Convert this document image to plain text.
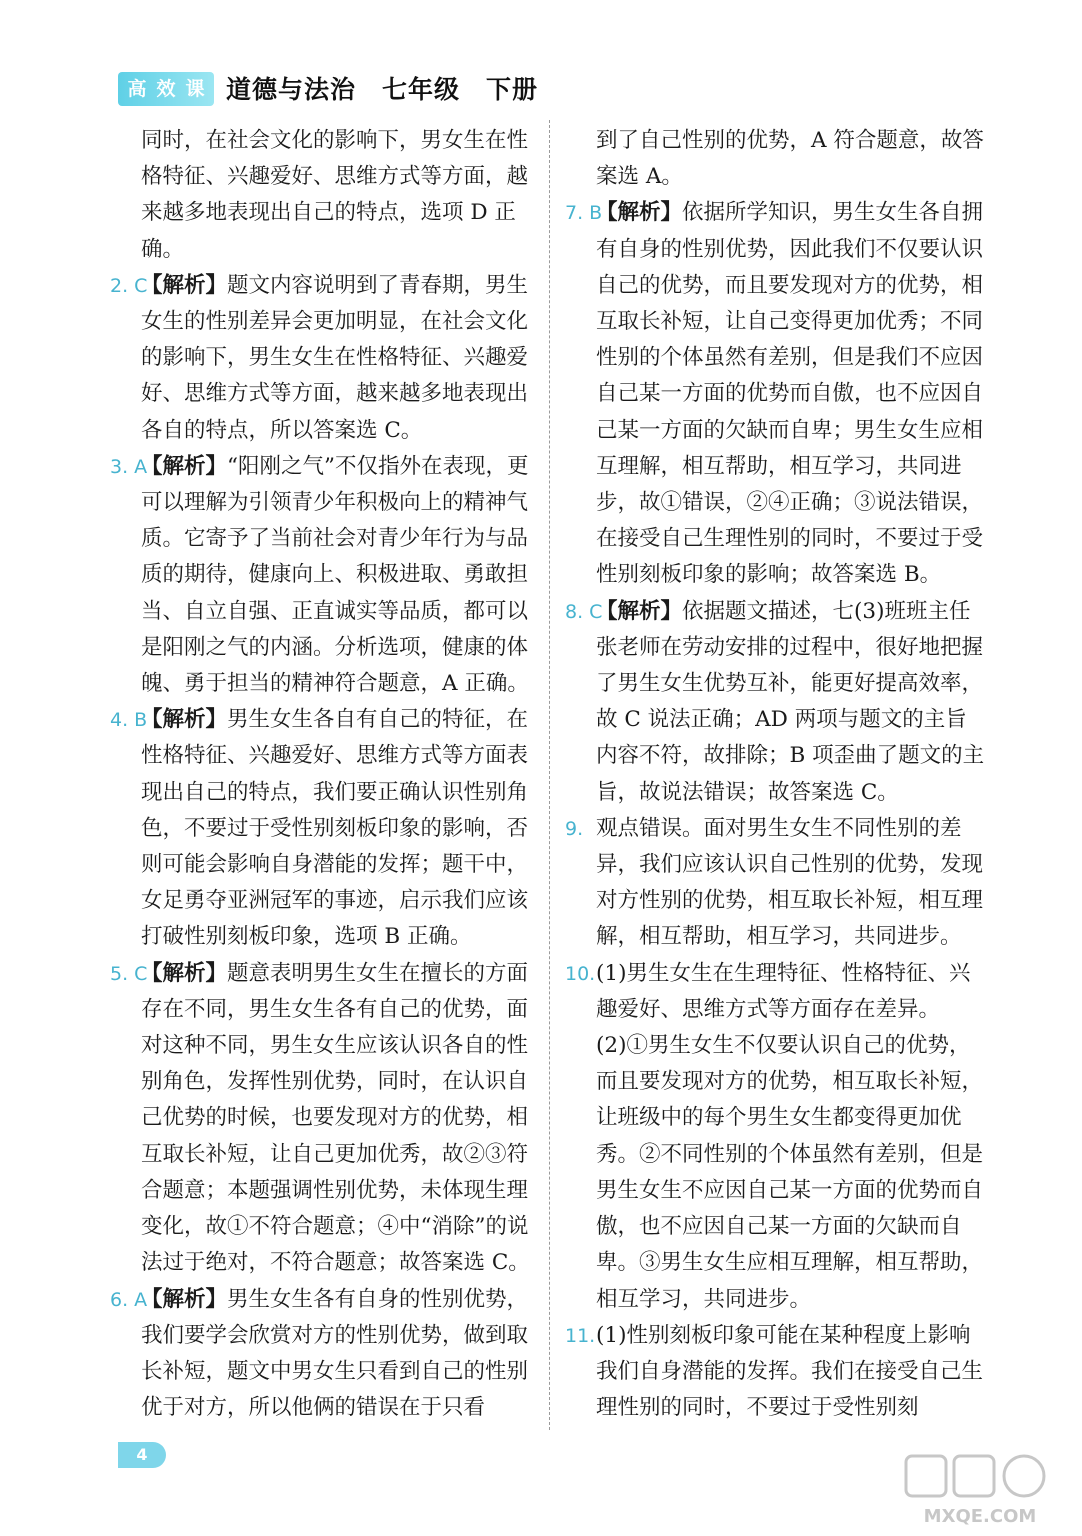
高 效 课 道德与法治　七年级　下册
同时，在社会文化的影响下，男女生在性格特征、兴趣爱好、思维方式等方面，越来越多地表现出自己的特点，选项 D 正确。
2. C
【解析】题文内容说明到了青春期，男生女生的性别差异会更加明显，在社会文化的影响下，男生女生在性格特征、兴趣爱好、思维方式等方面，越来越多地表现出各自的特点，所以答案选 C。
3. A
【解析】“阳刚之气”不仅指外在表现，更可以理解为引领青少年积极向上的精神气质。它寄予了当前社会对青少年行为与品质的期待，健康向上、积极进取、勇敢担当、自立自强、正直诚实等品质，都可以是阳刚之气的内涵。分析选项，健康的体魄、勇于担当的精神符合题意，A 正确。
4. B
【解析】男生女生各自有自己的特征，在性格特征、兴趣爱好、思维方式等方面表现出自己的特点，我们要正确认识性别角色，不要过于受性别刻板印象的影响，否则可能会影响自身潜能的发挥；题干中，女足勇夺亚洲冠军的事迹，启示我们应该打破性别刻板印象，选项 B 正确。
5. C
【解析】题意表明男生女生在擅长的方面存在不同，男生女生各有自己的优势，面对这种不同，男生女生应该认识各自的性别角色，发挥性别优势，同时，在认识自己优势的时候，也要发现对方的优势，相互取长补短，让自己更加优秀，故②③符合题意；本题强调性别优势，未体现生理变化，故①不符合题意；④中“消除”的说法过于绝对，不符合题意；故答案选 C。
6. A
【解析】男生女生各有自身的性别优势，我们要学会欣赏对方的性别优势，做到取长补短，题文中男女生只看到自己的性别优于对方，所以他俩的错误在于只看
到了自己性别的优势，A 符合题意，故答案选 A。
7. B
【解析】依据所学知识，男生女生各自拥有自身的性别优势，因此我们不仅要认识自己的优势，而且要发现对方的优势，相互取长补短，让自己变得更加优秀；不同性别的个体虽然有差别，但是我们不应因自己某一方面的优势而自傲，也不应因自己某一方面的欠缺而自卑；男生女生应相互理解，相互帮助，相互学习，共同进步，故①错误，②④正确；③说法错误，在接受自己生理性别的同时，不要过于受性别刻板印象的影响；故答案选 B。
8. C
【解析】依据题文描述，七(3)班班主任张老师在劳动安排的过程中，很好地把握了男生女生优势互补，能更好提高效率，故 C 说法正确；AD 两项与题文的主旨内容不符，故排除；B 项歪曲了题文的主旨，故说法错误；故答案选 C。
9. 观点错误。面对男生女生不同性别的差异，我们应该认识自己性别的优势，发现对方性别的优势，相互取长补短，相互理解，相互帮助，相互学习，共同进步。
10. (1)男生女生在生理特征、性格特征、兴趣爱好、思维方式等方面存在差异。
(2)①男生女生不仅要认识自己的优势，而且要发现对方的优势，相互取长补短，让班级中的每个男生女生都变得更加优秀。②不同性别的个体虽然有差别，但是男生女生不应因自己某一方面的优势而自傲，也不应因自己某一方面的欠缺而自卑。③男生女生应相互理解，相互帮助，相互学习，共同进步。
11. (1)性别刻板印象可能在某种程度上影响我们自身潜能的发挥。我们在接受自己生理性别的同时，不要过于受性别刻
4
MXQE.COM
